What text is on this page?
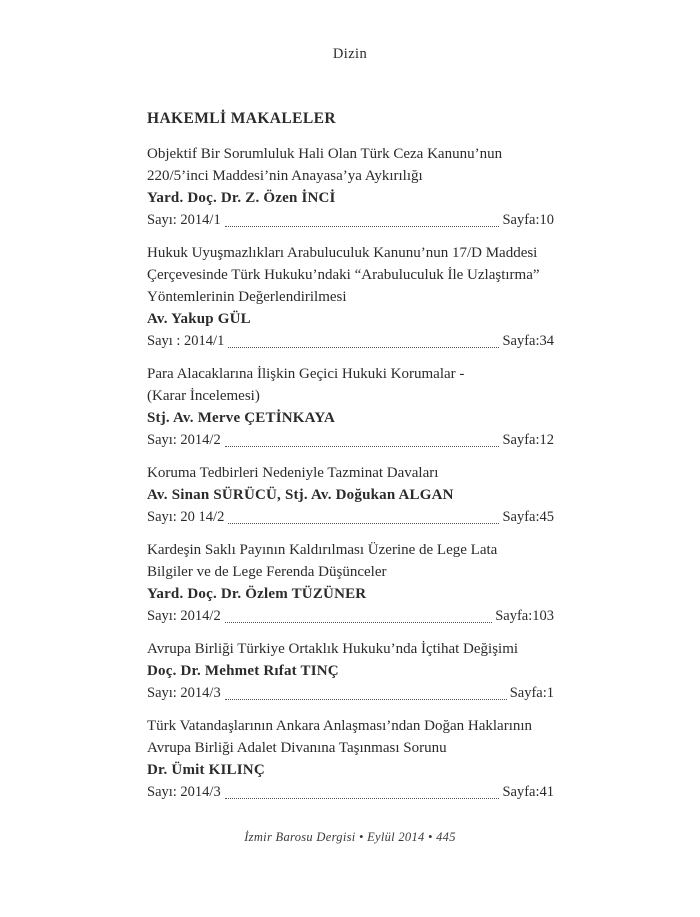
Dizin
HAKEMLİ MAKALELER
Objektif Bir Sorumluluk Hali Olan Türk Ceza Kanunu’nun
220/5’inci Maddesi’nin Anayasa’ya Aykırılığı
Yard. Doç. Dr. Z. Özen İNCİ
Sayı: 2014/1	Sayfa:10
Hukuk Uyuşmazlıkları Arabuluculuk Kanunu’nun 17/D Maddesi
Çerçevesinde Türk Hukuku’ndaki “Arabuluculuk İle Uzlaştırma”
Yöntemlerinin Değerlendirilmesi
Av. Yakup GÜL
Sayı : 2014/1	Sayfa:34
Para Alacaklarına İlişkin Geçici Hukuki Korumalar -
(Karar İncelemesi)
Stj. Av. Merve ÇETİNKAYA
Sayı: 2014/2	Sayfa:12
Koruma Tedbirleri Nedeniyle Tazminat Davaları
Av. Sinan SÜRÜCÜ, Stj. Av. Doğukan ALGAN
Sayı: 20 14/2	Sayfa:45
Kardeşin Saklı Payının Kaldırılması Üzerine de Lege Lata
Bilgiler ve de Lege Ferenda Düşünceler
Yard. Doç. Dr. Özlem TÜZÜNER
Sayı: 2014/2	Sayfa:103
Avrupa Birliği Türkiye Ortaklık Hukuku’nda İçtihat Değişimi
Doç. Dr. Mehmet Rıfat TINÇ
Sayı: 2014/3	Sayfa:1
Türk Vatandaşlarının Ankara Anlaşması’ndan Doğan Haklarının
Avrupa Birliği Adalet Divanına Taşınması Sorunu
Dr. Ümit KILINÇ
Sayı: 2014/3	Sayfa:41
İzmir Barosu Dergisi • Eylül 2014 • 445
